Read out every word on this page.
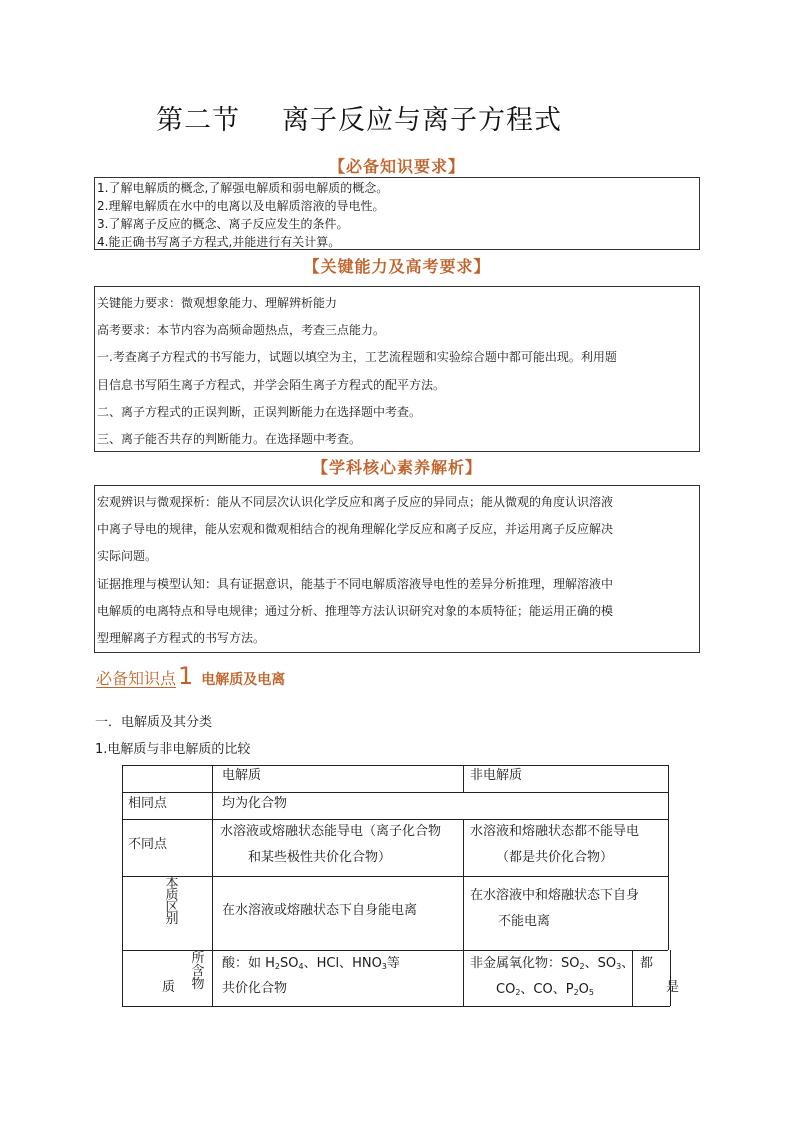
第二节 离子反应与离子方程式
【必备知识要求】
1.了解电解质的概念,了解强电解质和弱电解质的概念。
2.理解电解质在水中的电离以及电解质溶液的导电性。
3.了解离子反应的概念、离子反应发生的条件。
4.能正确书写离子方程式,并能进行有关计算。
【关键能力及高考要求】
关键能力要求：微观想象能力、理解辨析能力
高考要求：本节内容为高频命题热点，考查三点能力。
一.考查离子方程式的书写能力，试题以填空为主，工艺流程题和实验综合题中都可能出现。利用题
目信息书写陌生离子方程式，并学会陌生离子方程式的配平方法。
二、离子方程式的正误判断，正误判断能力在选择题中考查。
三、离子能否共存的判断能力。在选择题中考查。
【学科核心素养解析】
宏观辨识与微观探析：能从不同层次认识化学反应和离子反应的异同点；能从微观的角度认识溶液
中离子导电的规律，能从宏观和微观相结合的视角理解化学反应和离子反应，并运用离子反应解决
实际问题。
证据推理与模型认知：具有证据意识，能基于不同电解质溶液导电性的差异分析推理，理解溶液中
电解质的电离特点和导电规律；通过分析、推理等方法认识研究对象的本质特征；能运用正确的模
型理解离子方程式的书写方法。
必备知识点1 电解质及电离
一．电解质及其分类
1.电解质与非电解质的比较
电解质	非电解质
相同点	均为化合物
不同点
水溶液或熔融状态能导电（离子化合物
和某些极性共价化合物）
水溶液和熔融状态都不能导电
（都是共价化合物）
本
质
区
别
在水溶液或熔融状态下自身能电离
在水溶液中和熔融状态下自身
不能电离
所
含
物
质
酸：如 $H_2SO_4$、HCl、$HNO_3$等
共价化合物
非金属氧化物：$SO_2$、$SO_3$、
$CO_2$、CO、$P_2O_5$
都
是
